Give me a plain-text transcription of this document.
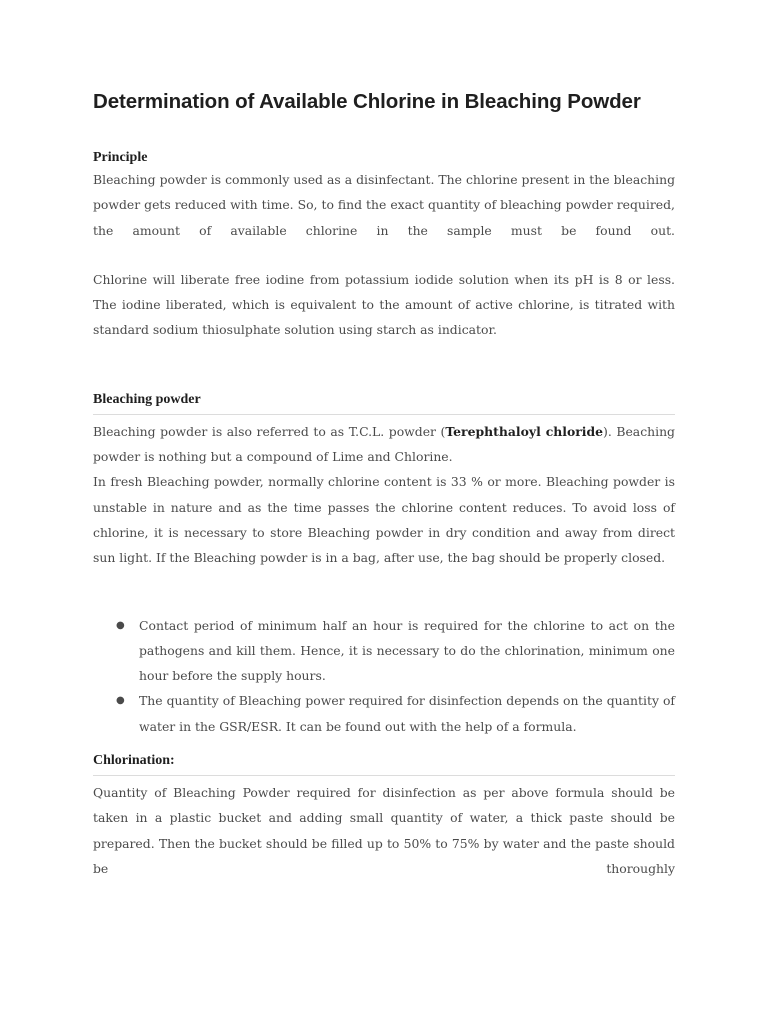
Determination of Available Chlorine in Bleaching Powder
Principle

Bleaching powder is commonly used as a disinfectant. The chlorine present in the bleaching powder gets reduced with time. So, to find the exact quantity of bleaching powder required, the amount of available chlorine in the sample must be found out.

Chlorine will liberate free iodine from potassium iodide solution when its pH is 8 or less. The iodine liberated, which is equivalent to the amount of active chlorine, is titrated with standard sodium thiosulphate solution using starch as indicator.

Bleaching powder

Bleaching powder is also referred to as T.C.L. powder (Terephthaloyl chloride). Beaching powder is nothing but a compound of Lime and Chlorine.

In fresh Bleaching powder, normally chlorine content is 33 % or more. Bleaching powder is unstable in nature and as the time passes the chlorine content reduces. To avoid loss of chlorine, it is necessary to store Bleaching powder in dry condition and away from direct sun light. If the Bleaching powder is in a bag, after use, the bag should be properly closed.

● Contact period of minimum half an hour is required for the chlorine to act on the pathogens and kill them. Hence, it is necessary to do the chlorination, minimum one hour before the supply hours.

● The quantity of Bleaching power required for disinfection depends on the quantity of water in the GSR/ESR. It can be found out with the help of a formula.

Chlorination:

Quantity of Bleaching Powder required for disinfection as per above formula should be taken in a plastic bucket and adding small quantity of water, a thick paste should be prepared. Then the bucket should be filled up to 50% to 75% by water and the paste should be thoroughly
